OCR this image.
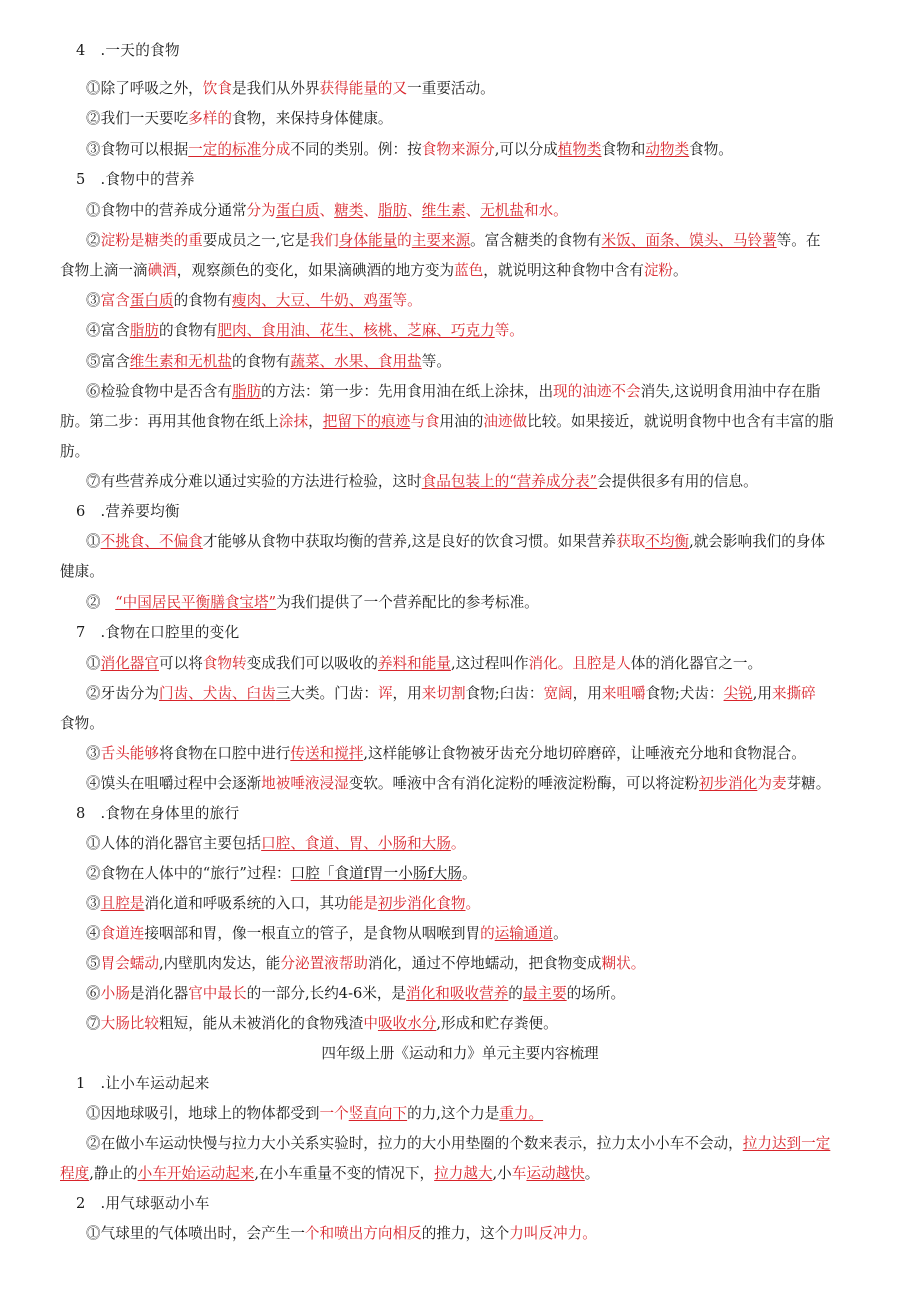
4　.一天的食物
⓵除了呼吸之外，饮食是我们从外界获得能量的又一重要活动。
⓶我们一天要吃多样的食物，来保持身体健康。
⓷食物可以根据一定的标准分成不同的类别。例：按食物来源分,可以分成植物类食物和动物类食物。
5　.食物中的营养
⓵食物中的营养成分通常分为蛋白质、糖类、脂肪、维生素、无机盐和水。
⓶淀粉是糖类的重要成员之一,它是我们身体能量的主要来源。富含糖类的食物有米饭、面条、馍头、马铃薯等。在
食物上滴一滴碘酒，观察颜色的变化，如果滴碘酒的地方变为蓝色，就说明这种食物中含有淀粉。
⓷富含蛋白质的食物有瘦肉、大豆、牛奶、鸡蛋等。
⓸富含脂肪的食物有肥肉、食用油、花生、核桃、芝麻、巧克力等。
⓹富含维生素和无机盐的食物有蔬菜、水果、食用盐等。
⓺检验食物中是否含有脂肪的方法：第一步：先用食用油在纸上涂抹，出现的油迹不会消失,这说明食用油中存在脂
肪。第二步：再用其他食物在纸上涂抹，把留下的痕迹与食用油的油迹做比较。如果接近，就说明食物中也含有丰富的脂
肪。
⓻有些营养成分难以通过实验的方法进行检验，这时食品包装上的“营养成分表”会提供很多有用的信息。
6　.营养要均衡
⓵不挑食、不偏食才能够从食物中获取均衡的营养,这是良好的饮食习惯。如果营养获取不均衡,就会影响我们的身体
健康。
⓶　“中国居民平衡膳食宝塔”为我们提供了一个营养配比的参考标准。
7　.食物在口腔里的变化
⓵消化器官可以将食物转变成我们可以吸收的养料和能量,这过程叫作消化。且腔是人体的消化器官之一。
⓶牙齿分为门齿、犬齿、臼齿三大类。门齿：诨，用来切割食物;臼齿：宽阔，用来咀嚼食物;犬齿：尖锐,用来撕碎
食物。
⓷舌头能够将食物在口腔中进行传送和搅拌,这样能够让食物被牙齿充分地切碎磨碎，让唾液充分地和食物混合。
⓸馍头在咀嚼过程中会逐渐地被唾液浸湿变软。唾液中含有消化淀粉的唾液淀粉酶，可以将淀粉初步消化为麦芽糖。
8　.食物在身体里的旅行
⓵人体的消化器官主要包括口腔、食道、胃、小肠和大肠。
⓶食物在人体中的“旅行”过程：口腔「食道f胃一小肠f大肠。
⓷且腔是消化道和呼吸系统的入口，其功能是初步消化食物。
⓸食道连接咽部和胃，像一根直立的管子，是食物从咽喉到胃的运输通道。
⓹胃会蠕动,内壁肌肉发达，能分泌置液帮助消化，通过不停地蠕动，把食物变成糊状。
⓺小肠是消化器官中最长的一部分,长约4-6米，是消化和吸收营养的最主要的场所。
⓻大肠比较粗短，能从未被消化的食物残渣中吸收水分,形成和贮存粪便。
四年级上册《运动和力》单元主要内容梳理
1　.让小车运动起来
⓵因地球吸引，地球上的物体都受到一个竖直向下的力,这个力是重力。
⓶在做小车运动快慢与拉力大小关系实验时，拉力的大小用垫圈的个数来表示，拉力太小小车不会动，拉力达到一定
程度,静止的小车开始运动起来,在小车重量不变的情况下，拉力越大,小车运动越快。
2　.用气球驱动小车
⓵气球里的气体喷出时，会产生一个和喷出方向相反的推力，这个力叫反冲力。
